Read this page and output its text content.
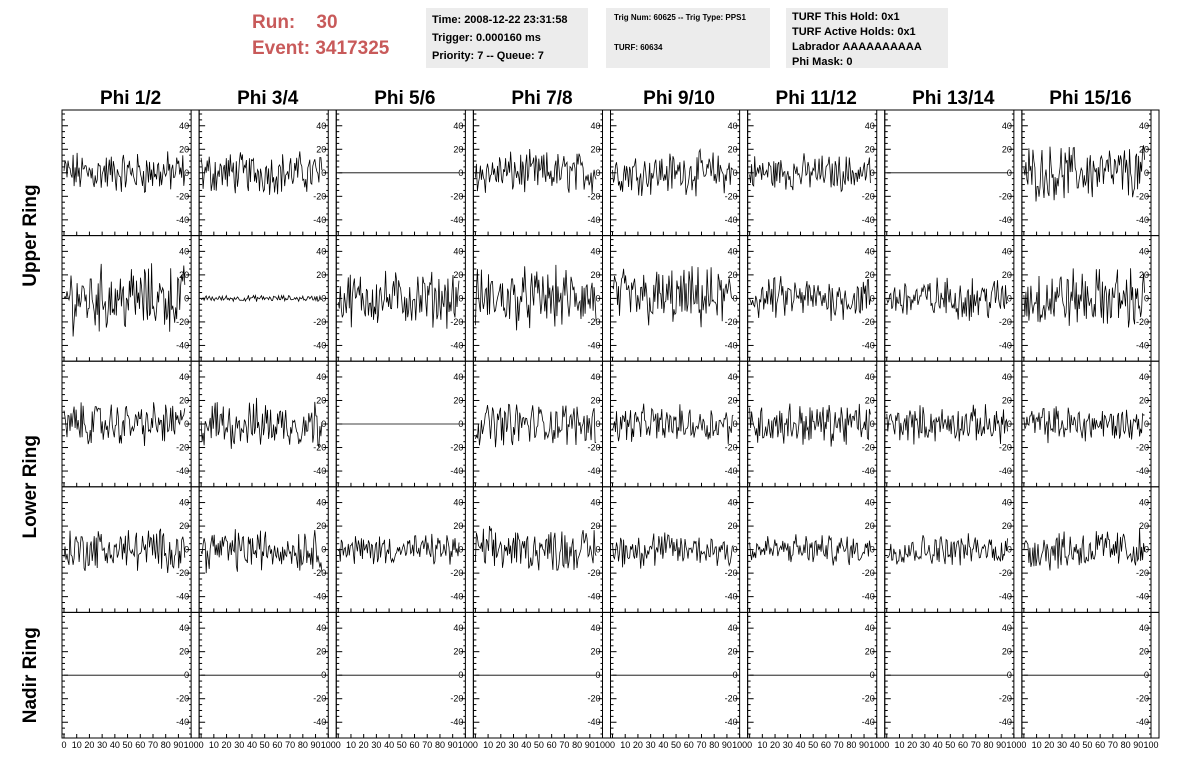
Run: 30
Event: 3417325
Time: 2008-12-22 23:31:58
Trigger: 0.000160 ms
Priority: 7 -- Queue: 7
Trig Num: 60625 -- Trig Type: PPS1
TURF: 60634
TURF This Hold: 0x1
TURF Active Holds: 0x1
Labrador AAAAAAAAAA
Phi Mask: 0
Phi 1/2	Phi 3/4	Phi 5/6	Phi 7/8	Phi 9/10	Phi 11/12	Phi 13/14	Phi 15/16
Upper Ring
Lower Ring
Nadir Ring
-40
-20
0
20
40
-40
-20
0
20
40
-40
-20
0
20
40
-40
-20
0
20
40
-40
-20
0
20
40
-40
-20
0
20
40
-40
-20
0
20
40
-40
-20
0
20
40
-40
-20
0
20
40
-40
-20
0
20
40
-40
-20
0
20
40
-40
-20
0
20
40
-40
-20
0
20
40
-40
-20
0
20
40
-40
-20
0
20
40
-40
-20
0
20
40
-40
-20
0
20
40
-40
-20
0
20
40
-40
-20
0
20
40
-40
-20
0
20
40
-40
-20
0
20
40
-40
-20
0
20
40
-40
-20
0
20
40
-40
-20
0
20
40
-40
-20
0
20
40
-40
-20
0
20
40
-40
-20
0
20
40
-40
-20
0
20
40
-40
-20
0
20
40
-40
-20
0
20
40
-40
-20
0
20
40
-40
-20
0
20
40
-40
-20
0
20
40
-40
-20
0
20
40
-40
-20
0
20
40
-40
-20
0
20
40
-40
-20
0
20
40
-40
-20
0
20
40
-40
-20
0
20
40
-40
-20
0
20
40
0 10 20 30 40 50 60 70 80 90 100 0 10 20 30 40 50 60 70 80 90 100 0 10 20 30 40 50 60 70 80 90 100 0 10 20 30 40 50 60 70 80 90 100 0 10 20 30 40 50 60 70 80 90 100 0 10 20 30 40 50 60 70 80 90 100 0 10 20 30 40 50 60 70 80 90 100 0 10 20 30 40 50 60 70 80 90 100
